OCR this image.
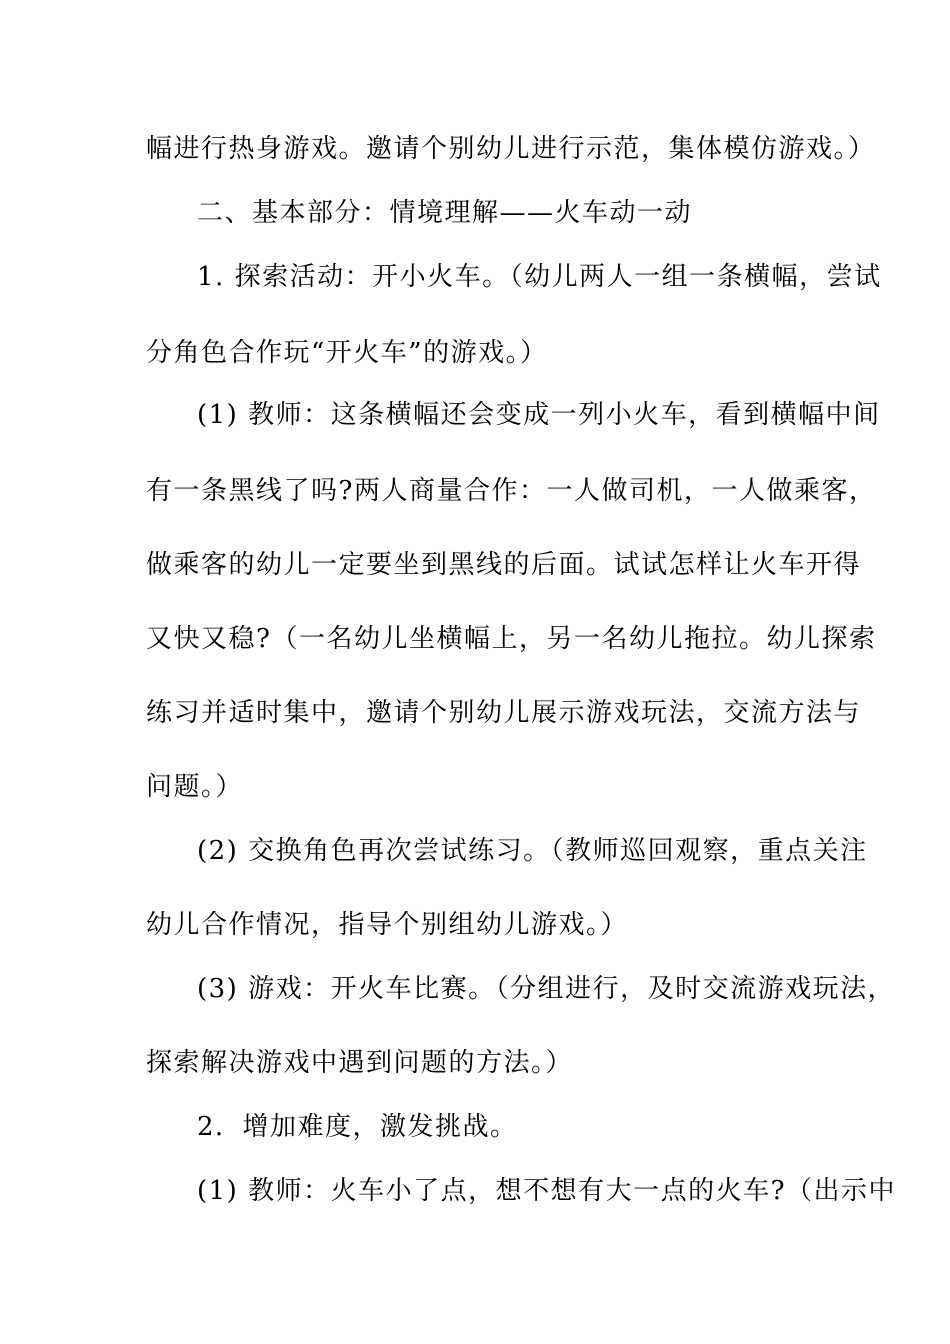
幅进行热身游戏。邀请个别幼儿进行示范，集体模仿游戏。）
二、基本部分：情境理解——火车动一动
1. 探索活动：开小火车。（幼儿两人一组一条横幅，尝试
分角色合作玩“开火车”的游戏。）
(1) 教师：这条横幅还会变成一列小火车，看到横幅中间
有一条黑线了吗?两人商量合作：一人做司机，一人做乘客，
做乘客的幼儿一定要坐到黑线的后面。试试怎样让火车开得
又快又稳?（一名幼儿坐横幅上，另一名幼儿拖拉。幼儿探索
练习并适时集中，邀请个别幼儿展示游戏玩法，交流方法与
问题。）
(2) 交换角色再次尝试练习。（教师巡回观察，重点关注
幼儿合作情况，指导个别组幼儿游戏。）
(3) 游戏：开火车比赛。（分组进行，及时交流游戏玩法，
探索解决游戏中遇到问题的方法。）
2．增加难度，激发挑战。
(1) 教师：火车小了点，想不想有大一点的火车?（出示中
